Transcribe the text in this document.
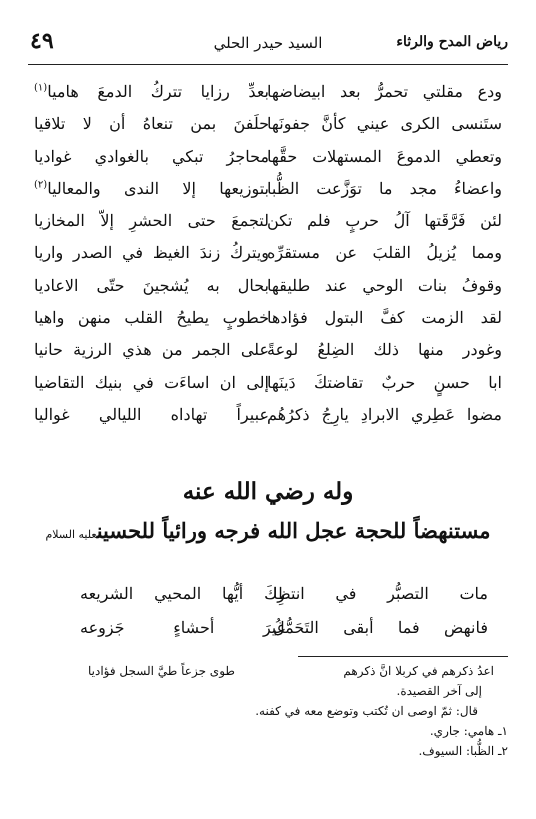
رياض المدح والرثاء
السيد حيدر الحلي
٤٩
ودع مقلتي تحمرُّ بعد ابيضاضها
بعدِّ رزايا تتركُ الدمعَ هاميا$^{(١)}$
ستَنسى الكرى عيني كأنَّ جفونَها
حلَفنَ بمن تنعاهُ أن لا تلاقيا
وتعطي الدموعَ المستهلات حقَّها
محاجرُ تبكي بالغوادي غواديا
واعضاءُ مجد ما توَزَّعت الظُّبا
بتوزيعها إلا الندى والمعاليا$^{(٢)}$
لئن فَرَّقَتها آلُ حربٍ فلم تكن
لتجمعَ حتى الحشرِ إلاّ المخازيا
ومما يُزيلُ القلبَ عن مستقرِّه
ويتركُ زندَ الغيظ في الصدر واريا
وقوفُ بنات الوحي عند طليقها
بحال به يُشجينَ حتّى الاعاديا
لقد الزمت كفَّ البتول فؤادها
خطوبٍ يطيحُ القلب منهن واهيا
وغودر منها ذلك الضِلعُ لوعةً
على الجمر من هذي الرزية حانيا
ابا حسنٍ حربٌ تقاضتكَ دَينَها
إلى ان اساءَت في بنيك التقاضيا
مضوا عَطِري الابرادِ يارِجُ ذكرُهُم
عبيراً تهاداه الليالي غواليا
وله رضي الله عنه
مستنهضاً للحجة عجل الله فرجه ورائياً للحسينعليه السلام
مات التصبُّر في انتظا
رِكَ أيُّها المحيي الشريعه
فانهض فما أبقى التَحَمُّلُ
غيرَ أحشاءٍ جَزوعه
اعدُ ذكرهم في كربلا انَّ ذكرهم
طوى جزعاً طيَّ السجل فؤاديا
إلى آخر القصيدة.
قال: ثمّ اوصى ان تُكتب وتوضع معه في كفنه.
١ـ هامي: جاري.
٢ـ الظُّبا: السيوف.
